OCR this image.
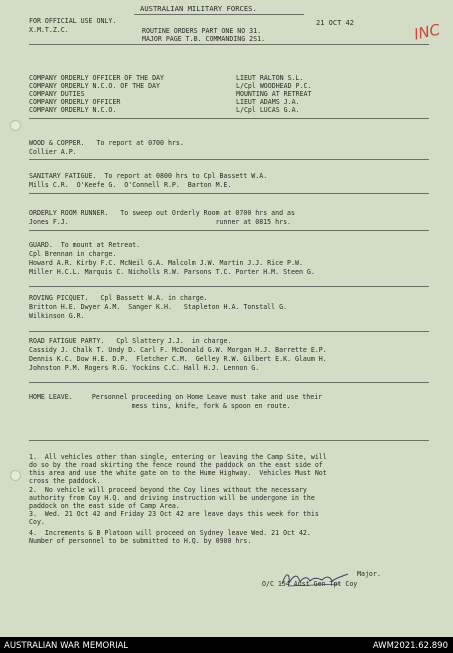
INC
AUSTRALIAN MILITARY FORCES.
FOR OFFICIAL USE ONLY.	21 OCT 42
X.M.T.Z.C.	ROUTINE ORDERS PART ONE NO 31.
MAJOR PAGE T.B. COMMANDING 2S1.
COMPANY ORDERLY OFFICER OF THE DAY	LIEUT RALTON S.L.
COMPANY ORDERLY N.C.O. OF THE DAY	L/Cpl WOODHEAD P.C.
COMPANY DUTIES	MOUNTING AT RETREAT
COMPANY ORDERLY OFFICER	LIEUT ADAMS J.A.
COMPANY ORDERLY N.C.O.	L/Cpl LUCAS G.A.
WOOD & COPPER.   To report at 0700 hrs.
Collier A.P.
SANITARY FATIGUE.  To report at 0800 hrs to Cpl Bassett W.A.
Mills C.R.  O'Keefe G.  O'Connell R.P.  Barton M.E.
ORDERLY ROOM RUNNER.   To sweep out Orderly Room at 0700 hrs and as
Jones F.J.                                     runner at 0815 hrs.
GUARD.  To mount at Retreat.
Cpl Brennan in charge.
Howard A.R. Kirby F.C. McNeil G.A. Malcolm J.W. Martin J.J. Rice P.W.
Miller H.C.L. Marquis C. Nicholls R.W. Parsons T.C. Porter H.M. Steen G.
ROVING PICQUET.   Cpl Bassett W.A. in charge.
Britton H.E. Dwyer A.M.  Sanger K.H.   Stapleton H.A. Tonstall G.
Wilkinson G.R.
ROAD FATIGUE PARTY.   Cpl Slattery J.J.  in charge.
Cassidy J. Chalk T. Undy D. Carl F. McDonald G.W. Morgan H.J. Barrette E.P.
Dennis K.C. Dow H.E. D.P.  Fletcher C.M.  Gelley R.W. Gilbert E.K. Glaum H.
Johnston P.M. Rogers R.G. Yockins C.C. Hall H.J. Lennon G.
HOME LEAVE. Personnel proceeding on Home Leave must take and use their
mess tins, knife, fork & spoon en route.
1.  All vehicles other than single, entering or leaving the Camp Site, will
do so by the road skirting the fence round the paddock on the east side of
this area and use the white gate on to the Hume Highway.  Vehicles Must Not
cross the paddock.
2.  No vehicle will proceed beyond the Coy lines without the necessary
authority from Coy H.Q. and driving instruction will be undergone in the
paddock on the east side of Camp Area.
3.  Wed. 21 Oct 42 and Friday 23 Oct 42 are leave days this week for this
Coy.
4.  Increments & B Platoon will proceed on Sydney leave Wed. 21 Oct 42.
Number of personnel to be submitted to H.Q. by 0900 hrs.
Major.
O/C 154 Aust Gen Tpt Coy
AUSTRALIAN WAR MEMORIAL	AWM2021.62.890
